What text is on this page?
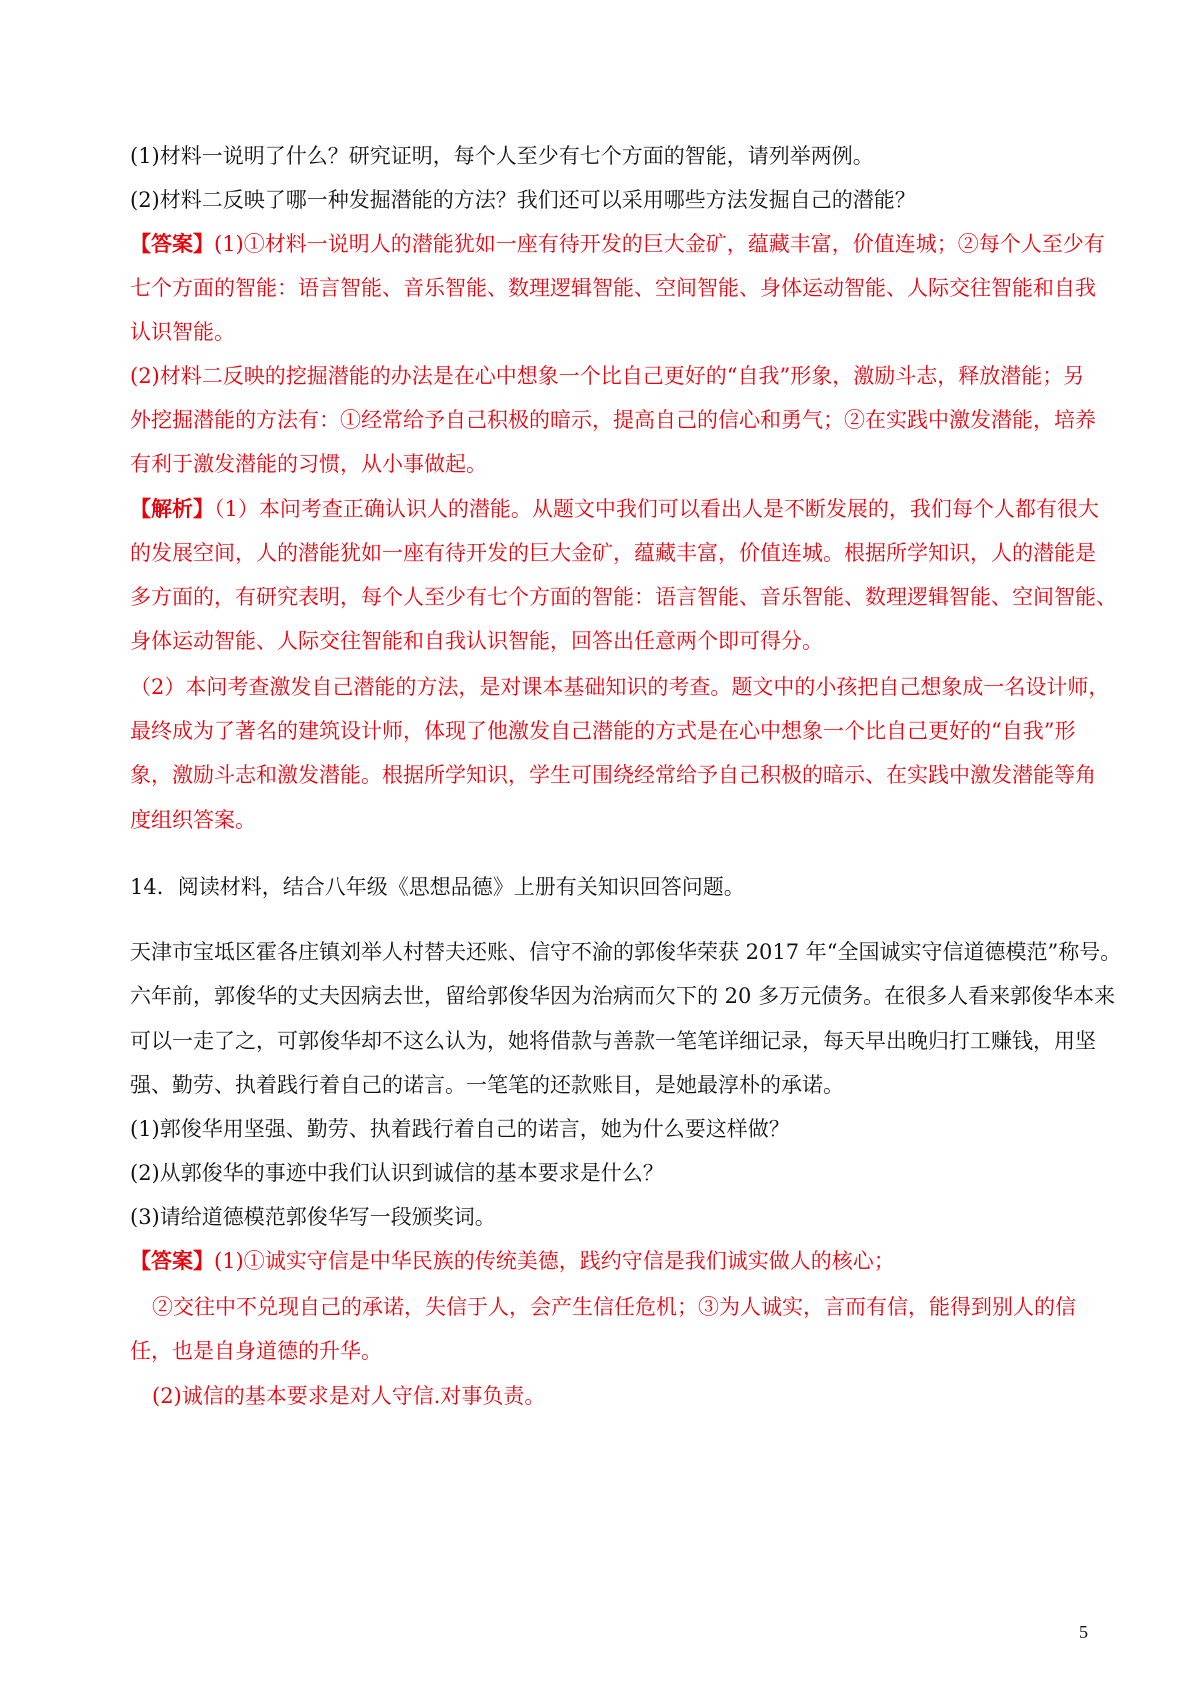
(1)材料一说明了什么？研究证明，每个人至少有七个方面的智能，请列举两例。
(2)材料二反映了哪一种发掘潜能的方法？我们还可以采用哪些方法发掘自己的潜能？
【答案】(1)①材料一说明人的潜能犹如一座有待开发的巨大金矿，蕴藏丰富，价值连城；②每个人至少有
七个方面的智能：语言智能、音乐智能、数理逻辑智能、空间智能、身体运动智能、人际交往智能和自我
认识智能。
(2)材料二反映的挖掘潜能的办法是在心中想象一个比自己更好的“自我”形象，激励斗志，释放潜能；另
外挖掘潜能的方法有：①经常给予自己积极的暗示，提高自己的信心和勇气；②在实践中激发潜能，培养
有利于激发潜能的习惯，从小事做起。
【解析】（1）本问考查正确认识人的潜能。从题文中我们可以看出人是不断发展的，我们每个人都有很大
的发展空间，人的潜能犹如一座有待开发的巨大金矿，蕴藏丰富，价值连城。根据所学知识，人的潜能是
多方面的，有研究表明，每个人至少有七个方面的智能：语言智能、音乐智能、数理逻辑智能、空间智能、
身体运动智能、人际交往智能和自我认识智能，回答出任意两个即可得分。
（2）本问考查激发自己潜能的方法，是对课本基础知识的考查。题文中的小孩把自己想象成一名设计师，
最终成为了著名的建筑设计师，体现了他激发自己潜能的方式是在心中想象一个比自己更好的“自我”形
象，激励斗志和激发潜能。根据所学知识，学生可围绕经常给予自己积极的暗示、在实践中激发潜能等角
度组织答案。
14．阅读材料，结合八年级《思想品德》上册有关知识回答问题。
天津市宝坻区霍各庄镇刘举人村替夫还账、信守不渝的郭俊华荣获 2017 年“全国诚实守信道德模范”称号。
六年前，郭俊华的丈夫因病去世，留给郭俊华因为治病而欠下的 20 多万元债务。在很多人看来郭俊华本来
可以一走了之，可郭俊华却不这么认为，她将借款与善款一笔笔详细记录，每天早出晚归打工赚钱，用坚
强、勤劳、执着践行着自己的诺言。一笔笔的还款账目，是她最淳朴的承诺。
(1)郭俊华用坚强、勤劳、执着践行着自己的诺言，她为什么要这样做？
(2)从郭俊华的事迹中我们认识到诚信的基本要求是什么？
(3)请给道德模范郭俊华写一段颁奖词。
【答案】(1)①诚实守信是中华民族的传统美德，践约守信是我们诚实做人的核心；
②交往中不兑现自己的承诺，失信于人，会产生信任危机；③为人诚实，言而有信，能得到别人的信
任，也是自身道德的升华。
(2)诚信的基本要求是对人守信.对事负责。
5
